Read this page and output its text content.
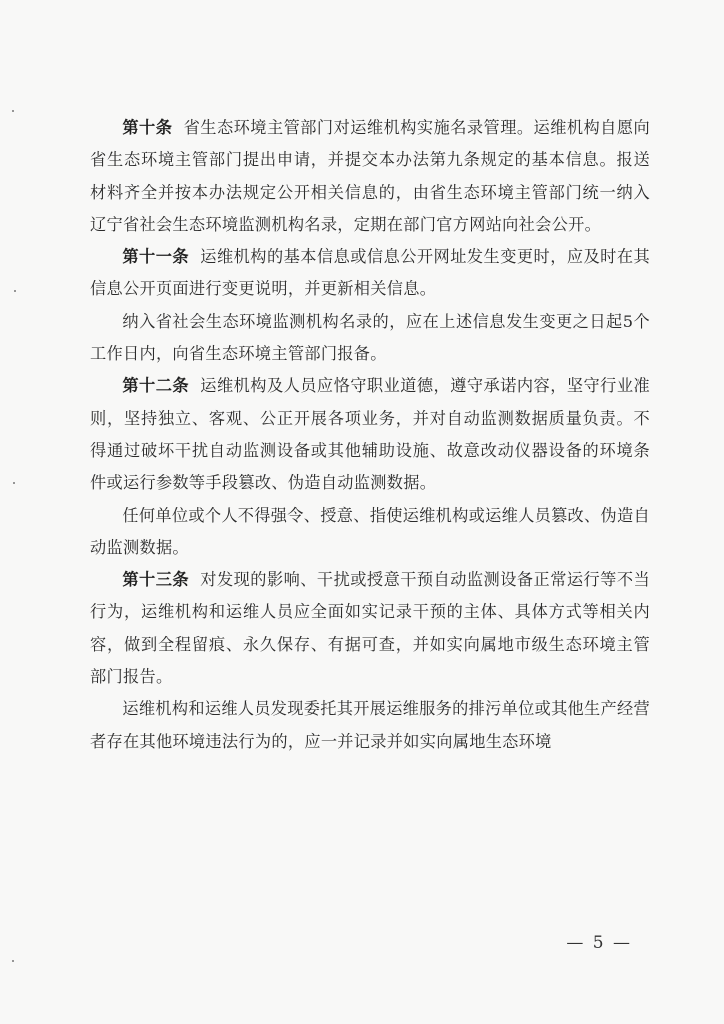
第十条 省生态环境主管部门对运维机构实施名录管理。运维机构自愿向省生态环境主管部门提出申请，并提交本办法第九条规定的基本信息。报送材料齐全并按本办法规定公开相关信息的，由省生态环境主管部门统一纳入辽宁省社会生态环境监测机构名录，定期在部门官方网站向社会公开。

第十一条 运维机构的基本信息或信息公开网址发生变更时，应及时在其信息公开页面进行变更说明，并更新相关信息。

纳入省社会生态环境监测机构名录的，应在上述信息发生变更之日起5个工作日内，向省生态环境主管部门报备。

第十二条 运维机构及人员应恪守职业道德，遵守承诺内容，坚守行业准则，坚持独立、客观、公正开展各项业务，并对自动监测数据质量负责。不得通过破坏干扰自动监测设备或其他辅助设施、故意改动仪器设备的环境条件或运行参数等手段篡改、伪造自动监测数据。

任何单位或个人不得强令、授意、指使运维机构或运维人员篡改、伪造自动监测数据。

第十三条 对发现的影响、干扰或授意干预自动监测设备正常运行等不当行为，运维机构和运维人员应全面如实记录干预的主体、具体方式等相关内容，做到全程留痕、永久保存、有据可查，并如实向属地市级生态环境主管部门报告。

运维机构和运维人员发现委托其开展运维服务的排污单位或其他生产经营者存在其他环境违法行为的，应一并记录并如实向属地生态环境

— 5 —
